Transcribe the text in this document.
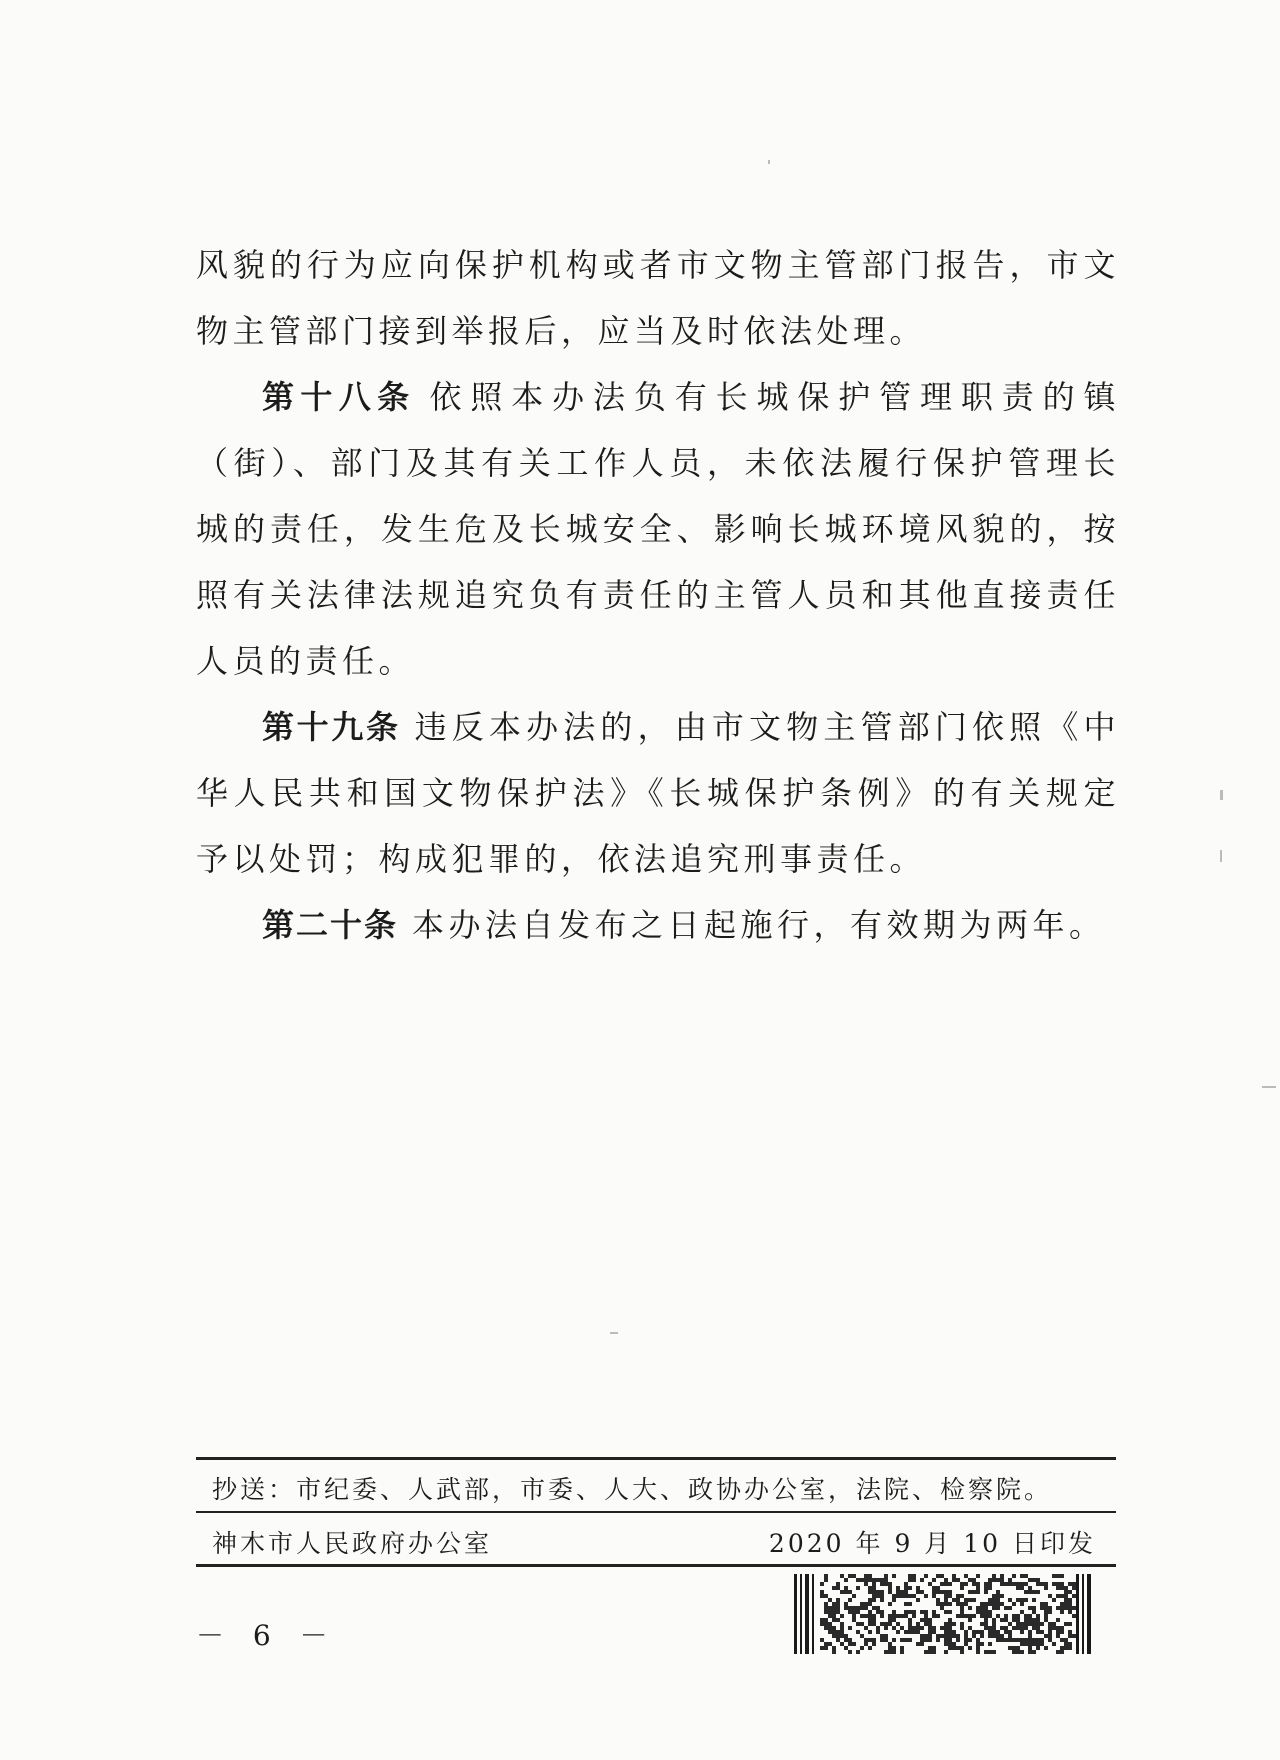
风貌的行为应向保护机构或者市文物主管部门报告，市文物主管部门接到举报后，应当及时依法处理。

第十八条 依照本办法负有长城保护管理职责的镇（街）、部门及其有关工作人员，未依法履行保护管理长城的责任，发生危及长城安全、影响长城环境风貌的，按照有关法律法规追究负有责任的主管人员和其他直接责任人员的责任。

第十九条 违反本办法的，由市文物主管部门依照《中华人民共和国文物保护法》《长城保护条例》的有关规定予以处罚；构成犯罪的，依法追究刑事责任。

第二十条 本办法自发布之日起施行，有效期为两年。

抄送：市纪委、人武部，市委、人大、政协办公室，法院、检察院。
神木市人民政府办公室	2020 年 9 月 10 日印发
－ 6 －
